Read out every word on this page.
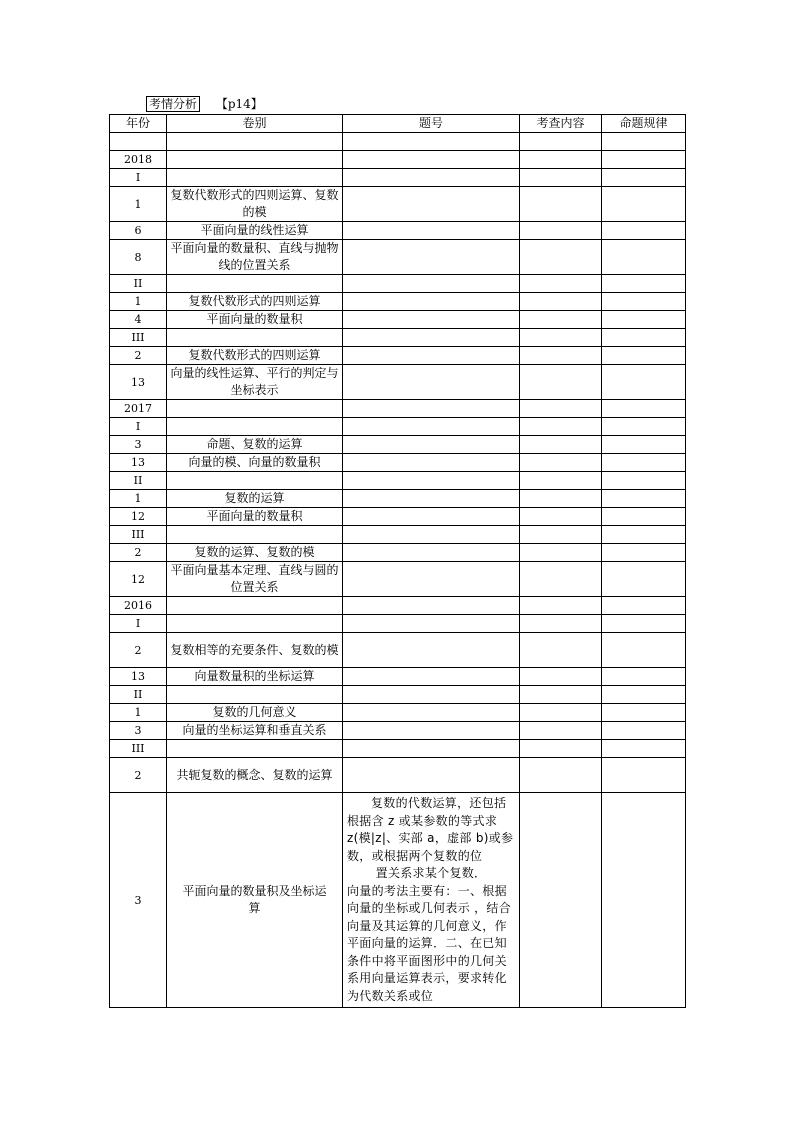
考情分析 【p14】
年份	卷别	题号	考查内容	命题规律

2018				
I				
1	复数代数形式的四则运算、复数的模			
6	平面向量的线性运算			
8	平面向量的数量积、直线与抛物线的位置关系			
II				
1	复数代数形式的四则运算			
4	平面向量的数量积			
III				
2	复数代数形式的四则运算			
13	向量的线性运算、平行的判定与坐标表示			
2017				
I				
3	命题、复数的运算			
13	向量的模、向量的数量积			
II				
1	复数的运算			
12	平面向量的数量积			
III				
2	复数的运算、复数的模			
12	平面向量基本定理、直线与圆的位置关系			
2016				
I				
2	复数相等的充要条件、复数的模			
13	向量数量积的坐标运算			
II				
1	复数的几何意义			
3	向量的坐标运算和垂直关系			
III				
2	共轭复数的概念、复数的运算			
3	平面向量的数量积及坐标运算	复数的代数运算，还包括根据含 z 或某参数的等式求 z(模|z|、实部 a，虚部 b)或参数，或根据两个复数的位
置关系求某个复数．
向量的考法主要有：一、根据向量的坐标或几何表示 ，结合向量及其运算的几何意义，作平面向量的运算．二、在已知条件中将平面图形中的几何关系用向量运算表示，要求转化为代数关系或位		
